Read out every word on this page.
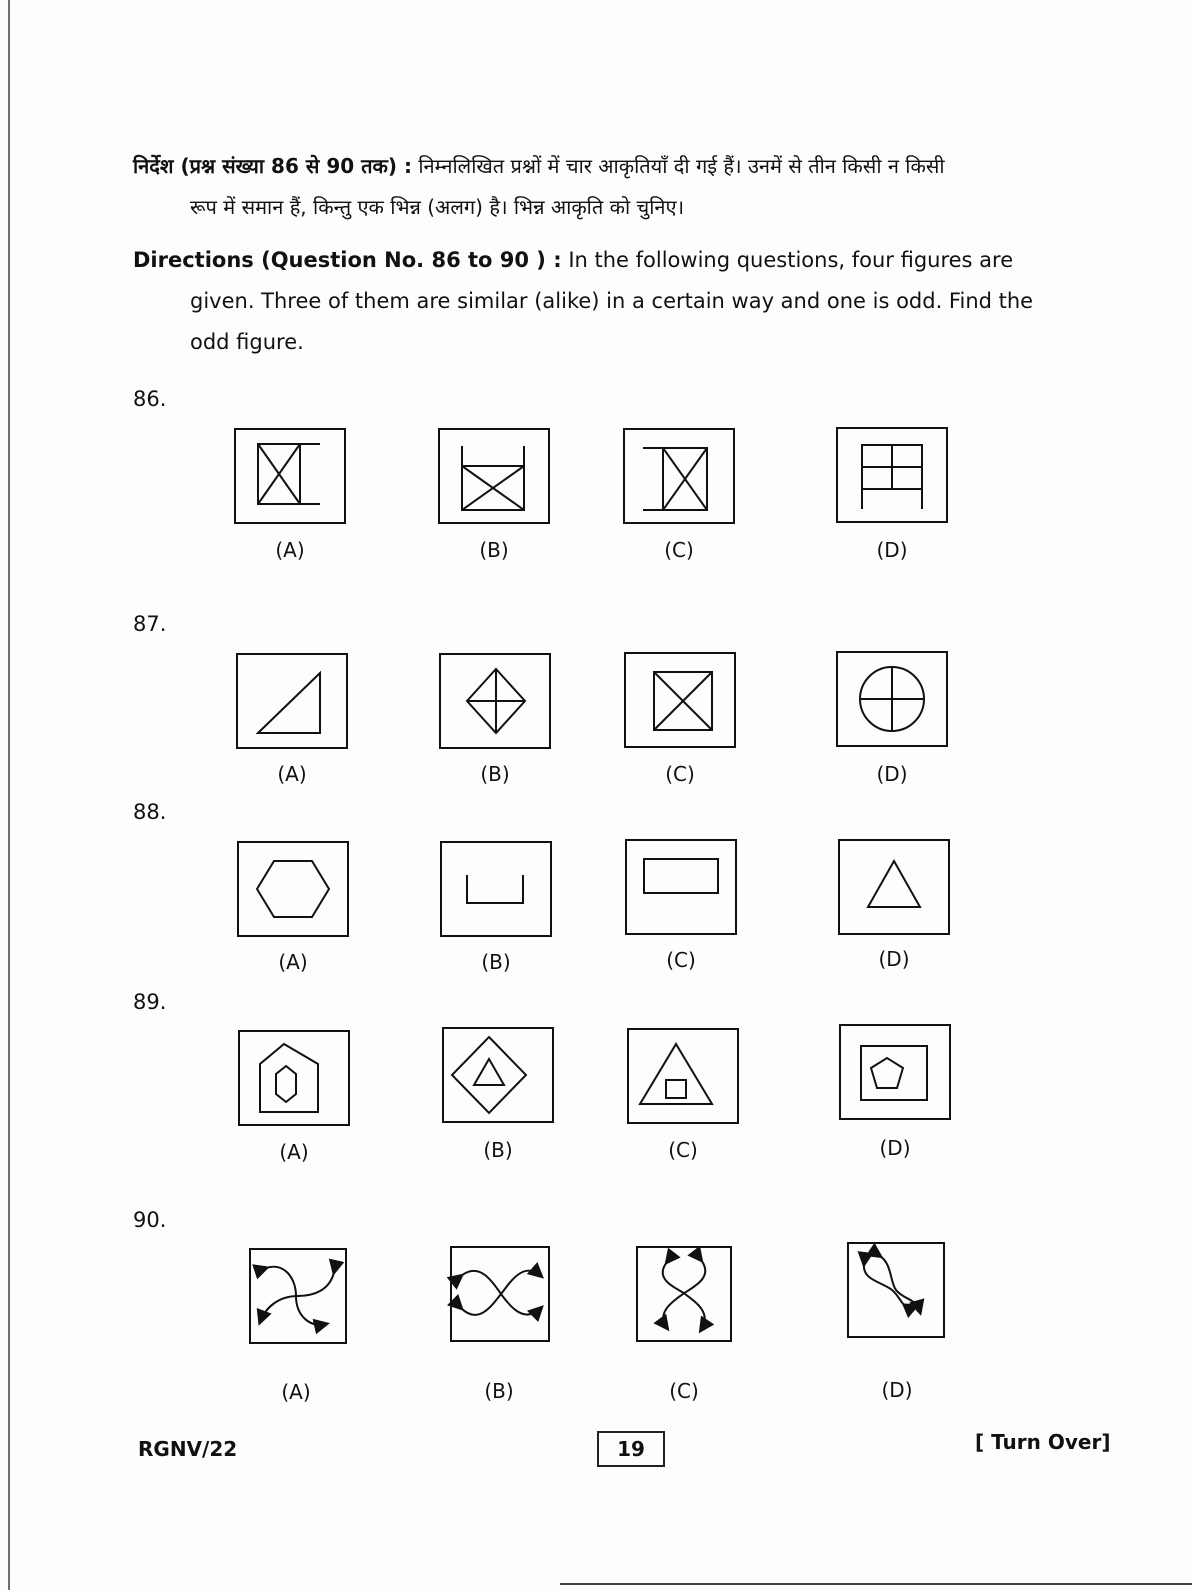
निर्देश (प्रश्न संख्या 86 से 90 तक) : निम्नलिखित प्रश्नों में चार आकृतियाँ दी गई हैं। उनमें से तीन किसी न किसी
रूप में समान हैं, किन्तु एक भिन्न (अलग) है। भिन्न आकृति को चुनिए।
Directions (Question No. 86 to 90 ) : In the following questions, four figures are
given. Three of them are similar (alike) in a certain way and one is odd. Find the
odd figure.
86.
(A)	(B)	(C)	(D)
87.
(A)	(B)	(C)	(D)
88.
(A)	(B)	(C)	(D)
89.
(A)	(B)	(C)	(D)
90.
(A)	(B)	(C)	(D)
RGNV/22	19	[ Turn Over]
